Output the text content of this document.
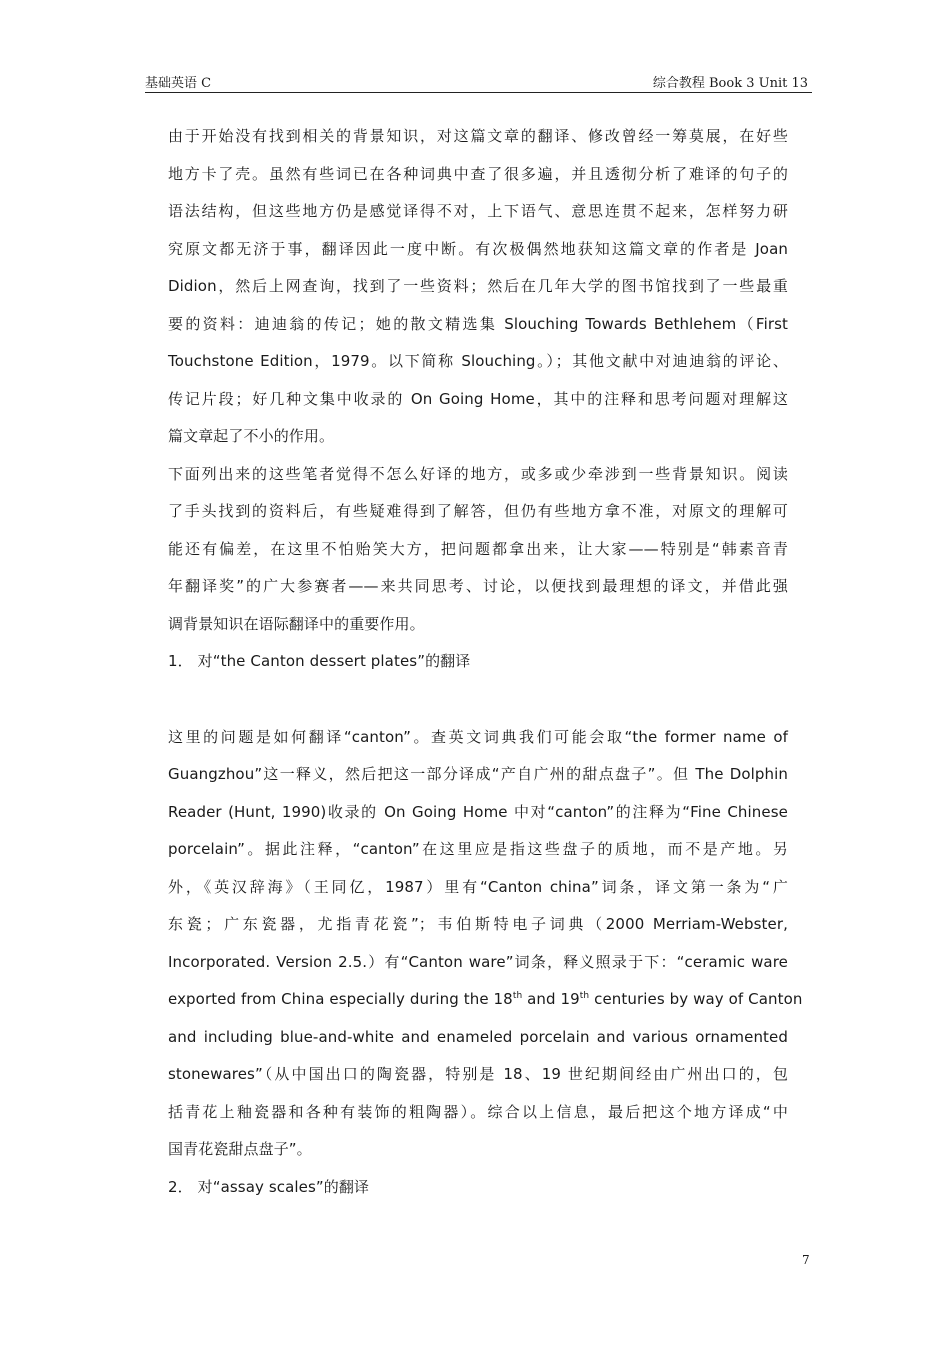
基础英语 C	综合教程 Book 3 Unit 13
由于开始没有找到相关的背景知识，对这篇文章的翻译、修改曾经一筹莫展，在好些
地方卡了壳。虽然有些词已在各种词典中查了很多遍，并且透彻分析了难译的句子的
语法结构，但这些地方仍是感觉译得不对，上下语气、意思连贯不起来，怎样努力研
究原文都无济于事，翻译因此一度中断。有次极偶然地获知这篇文章的作者是 Joan
Didion，然后上网查询，找到了一些资料；然后在几年大学的图书馆找到了一些最重
要的资料：迪迪翁的传记；她的散文精选集 Slouching Towards Bethlehem（First
Touchstone Edition，1979。以下简称 Slouching。）；其他文献中对迪迪翁的评论、
传记片段；好几种文集中收录的 On Going Home，其中的注释和思考问题对理解这
篇文章起了不小的作用。
下面列出来的这些笔者觉得不怎么好译的地方，或多或少牵涉到一些背景知识。阅读
了手头找到的资料后，有些疑难得到了解答，但仍有些地方拿不准，对原文的理解可
能还有偏差，在这里不怕贻笑大方，把问题都拿出来，让大家——特别是“韩素音青
年翻译奖”的广大参赛者——来共同思考、讨论，以便找到最理想的译文，并借此强
调背景知识在语际翻译中的重要作用。
1． 对“the Canton dessert plates”的翻译
这里的问题是如何翻译“canton”。查英文词典我们可能会取“the former name of
Guangzhou”这一释义，然后把这一部分译成“产自广州的甜点盘子”。但 The Dolphin
Reader (Hunt, 1990)收录的 On Going Home 中对“canton”的注释为“Fine Chinese
porcelain”。据此注释，“canton”在这里应是指这些盘子的质地，而不是产地。另
外，《英汉辞海》（王同亿，1987）里有“Canton china”词条，译文第一条为“广
东瓷；广东瓷器，尤指青花瓷”；韦伯斯特电子词典（2000 Merriam-Webster,
Incorporated. Version 2.5.）有“Canton ware”词条，释义照录于下：“ceramic ware
exported from China especially during the 18th and 19th centuries by way of Canton
and including blue-and-white and enameled porcelain and various ornamented
stonewares”（从中国出口的陶瓷器，特别是 18、19 世纪期间经由广州出口的，包
括青花上釉瓷器和各种有装饰的粗陶器）。综合以上信息，最后把这个地方译成“中
国青花瓷甜点盘子”。
2． 对“assay scales”的翻译
7
